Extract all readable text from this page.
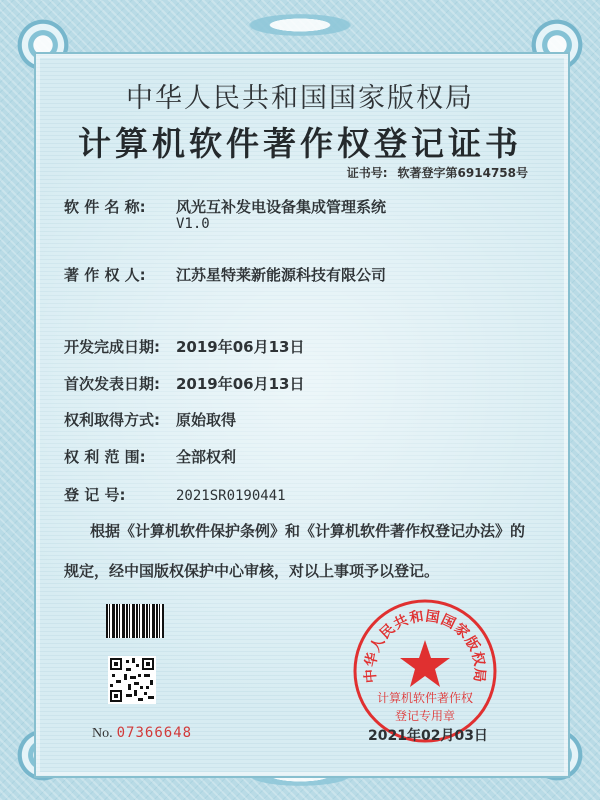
中华人民共和国国家版权局
计算机软件著作权登记证书
证书号: 软著登字第6914758号
软 件 名 称: 风光互补发电设备集成管理系统
V1.0
著 作 权 人: 江苏星特莱新能源科技有限公司
开发完成日期: 2019年06月13日
首次发表日期: 2019年06月13日
权利取得方式: 原始取得
权 利 范 围: 全部权利
登 记 号:	2021SR0190441
根据《计算机软件保护条例》和《计算机软件著作权登记办法》的
规定，经中国版权保护中心审核，对以上事项予以登记。
No. 07366648
中华人民共和国国家版权局
计算机软件著作权
登记专用章
2021年02月03日
